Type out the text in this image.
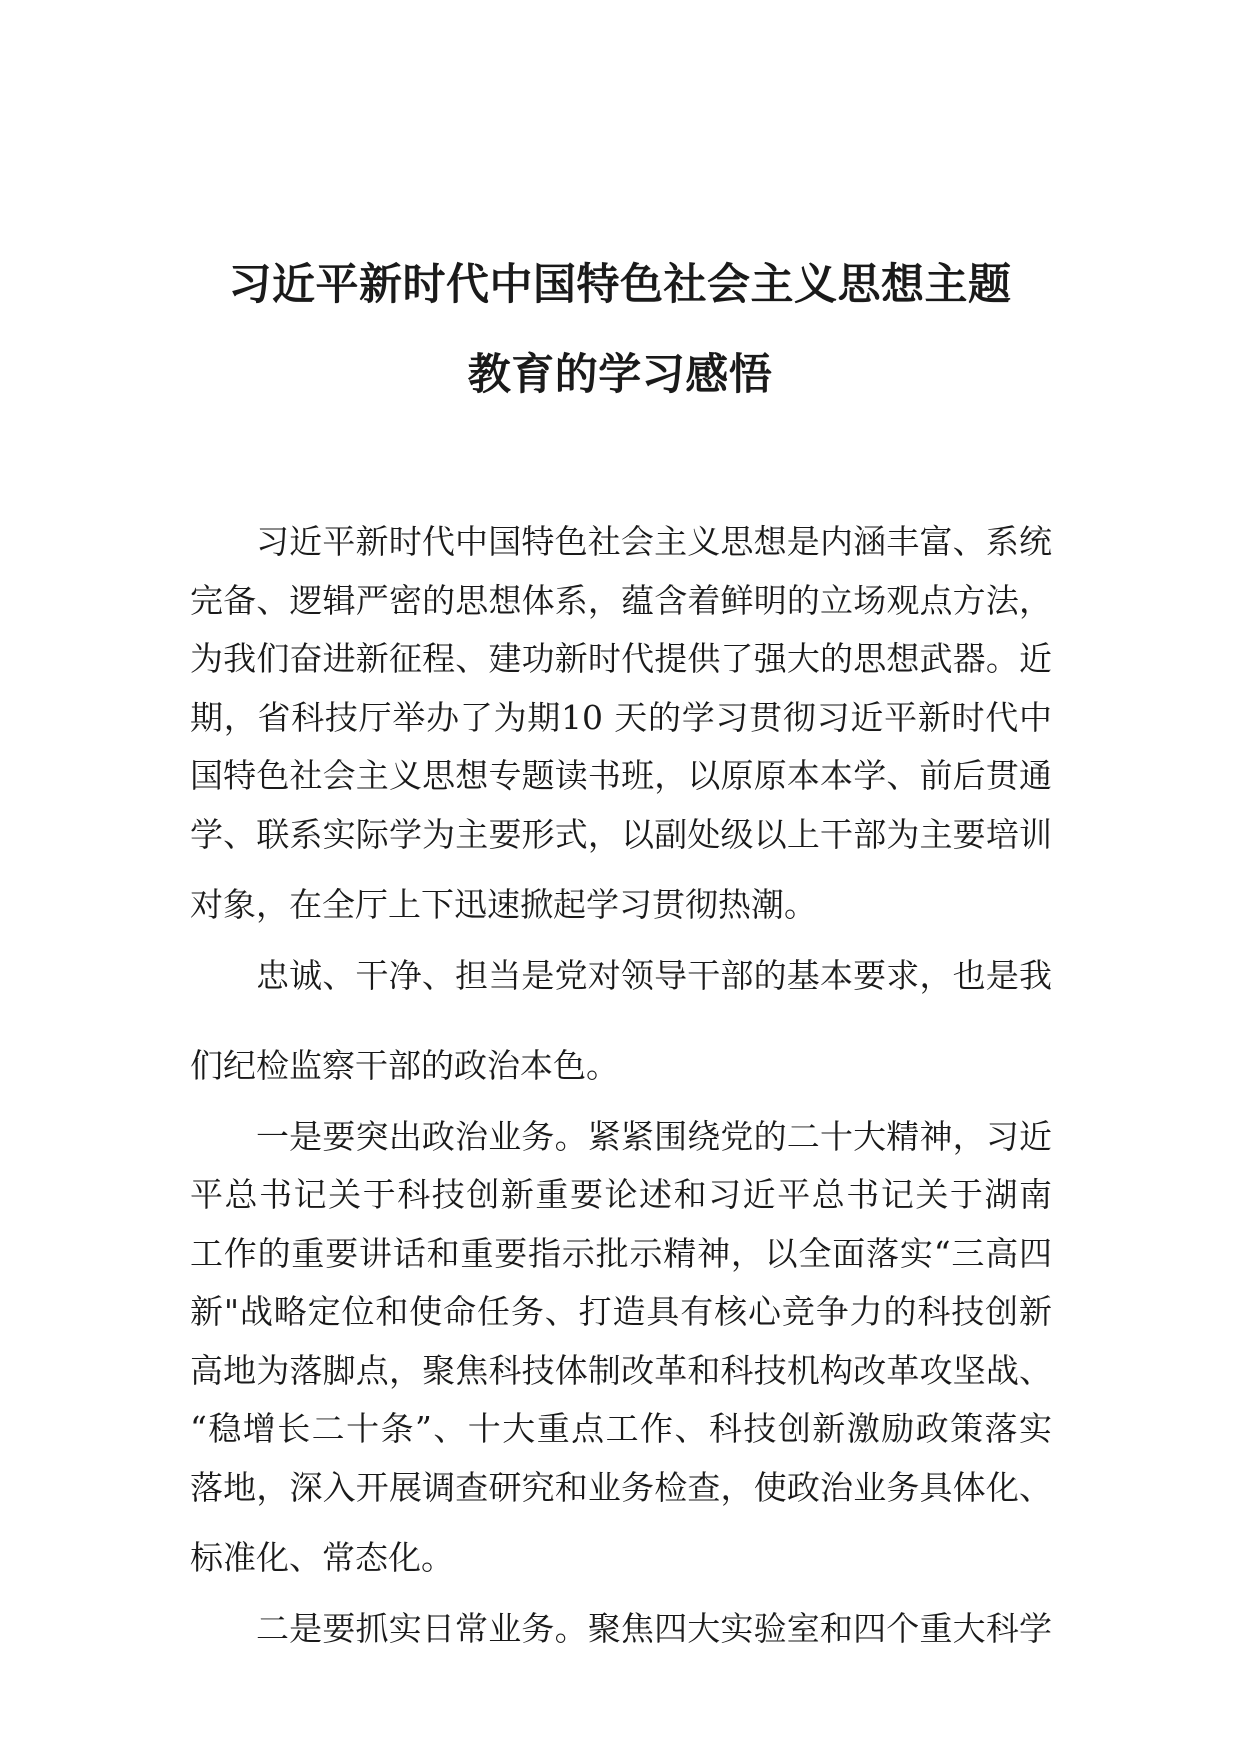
习近平新时代中国特色社会主义思想主题
教育的学习感悟

习近平新时代中国特色社会主义思想是内涵丰富、系统
完备、逻辑严密的思想体系，蕴含着鲜明的立场观点方法，
为我们奋进新征程、建功新时代提供了强大的思想武器。近
期，省科技厅举办了为期10 天的学习贯彻习近平新时代中
国特色社会主义思想专题读书班，以原原本本学、前后贯通
学、联系实际学为主要形式，以副处级以上干部为主要培训
对象，在全厅上下迅速掀起学习贯彻热潮。

忠诚、干净、担当是党对领导干部的基本要求，也是我
们纪检监察干部的政治本色。

一是要突出政治业务。紧紧围绕党的二十大精神，习近
平总书记关于科技创新重要论述和习近平总书记关于湖南
工作的重要讲话和重要指示批示精神，以全面落实“三高四
新"战略定位和使命任务、打造具有核心竞争力的科技创新
高地为落脚点，聚焦科技体制改革和科技机构改革攻坚战、
“稳增长二十条”、十大重点工作、科技创新激励政策落实
落地，深入开展调查研究和业务检查，使政治业务具体化、
标准化、常态化。

二是要抓实日常业务。聚焦四大实验室和四个重大科学
